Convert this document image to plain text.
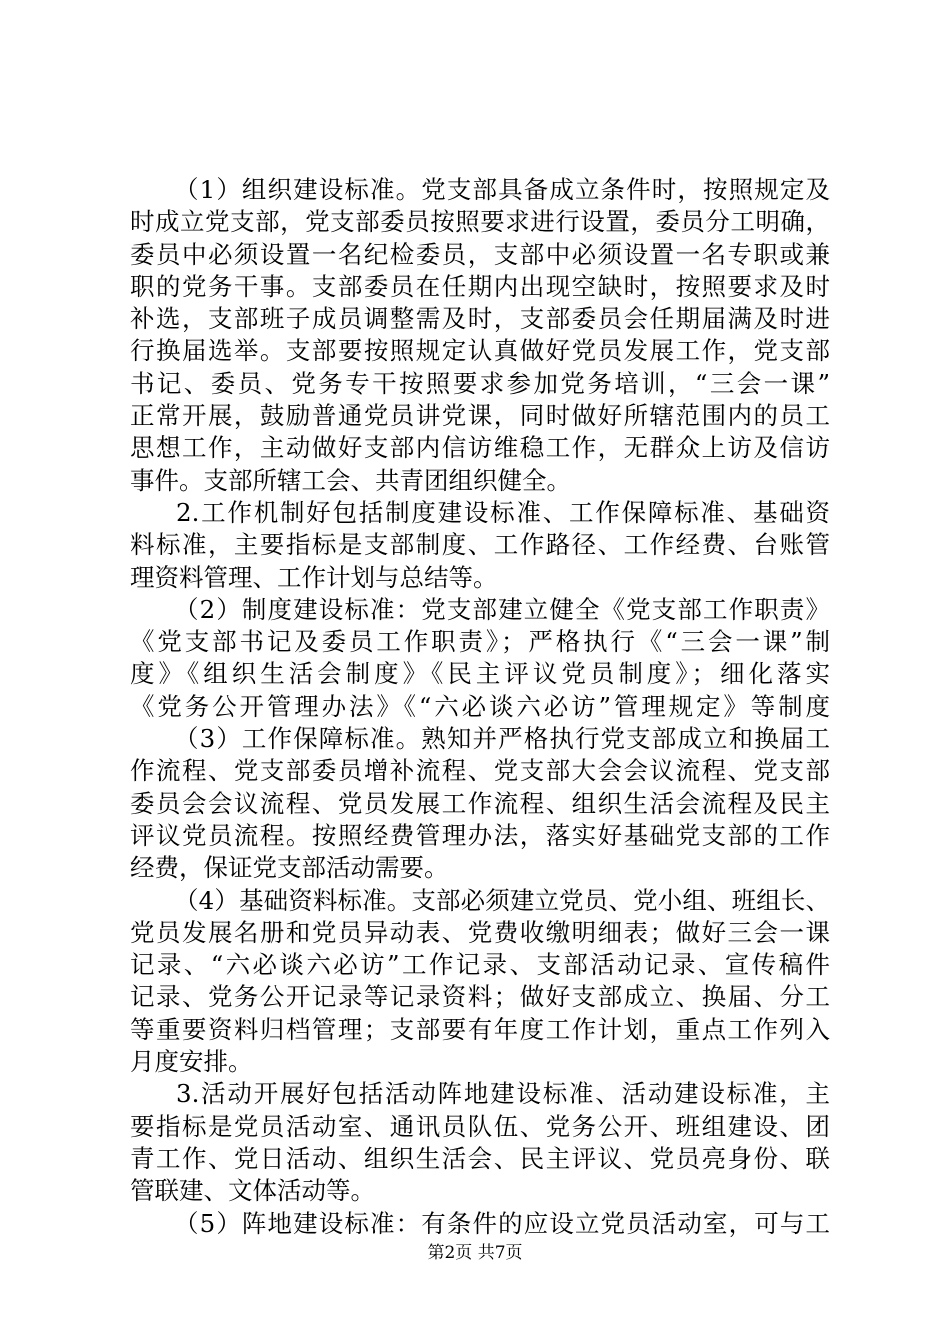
（1）组织建设标准。党支部具备成立条件时，按照规定及
时成立党支部，党支部委员按照要求进行设置，委员分工明确，
委员中必须设置一名纪检委员，支部中必须设置一名专职或兼
职的党务干事。支部委员在任期内出现空缺时，按照要求及时
补选，支部班子成员调整需及时，支部委员会任期届满及时进
行换届选举。支部要按照规定认真做好党员发展工作，党支部
书记、委员、党务专干按照要求参加党务培训，“三会一课”
正常开展，鼓励普通党员讲党课，同时做好所辖范围内的员工
思想工作，主动做好支部内信访维稳工作，无群众上访及信访
事件。支部所辖工会、共青团组织健全。
2.工作机制好包括制度建设标准、工作保障标准、基础资
料标准，主要指标是支部制度、工作路径、工作经费、台账管
理资料管理、工作计划与总结等。
（2）制度建设标准：党支部建立健全《党支部工作职责》
《党支部书记及委员工作职责》；严格执行《“三会一课”制
度》《组织生活会制度》《民主评议党员制度》；细化落实
《党务公开管理办法》《“六必谈六必访”管理规定》等制度
（3）工作保障标准。熟知并严格执行党支部成立和换届工
作流程、党支部委员增补流程、党支部大会会议流程、党支部
委员会会议流程、党员发展工作流程、组织生活会流程及民主
评议党员流程。按照经费管理办法，落实好基础党支部的工作
经费，保证党支部活动需要。
（4）基础资料标准。支部必须建立党员、党小组、班组长、
党员发展名册和党员异动表、党费收缴明细表；做好三会一课
记录、“六必谈六必访”工作记录、支部活动记录、宣传稿件
记录、党务公开记录等记录资料；做好支部成立、换届、分工
等重要资料归档管理；支部要有年度工作计划，重点工作列入
月度安排。
3.活动开展好包括活动阵地建设标准、活动建设标准，主
要指标是党员活动室、通讯员队伍、党务公开、班组建设、团
青工作、党日活动、组织生活会、民主评议、党员亮身份、联
管联建、文体活动等。
（5）阵地建设标准：有条件的应设立党员活动室，可与工
第2页 共7页
